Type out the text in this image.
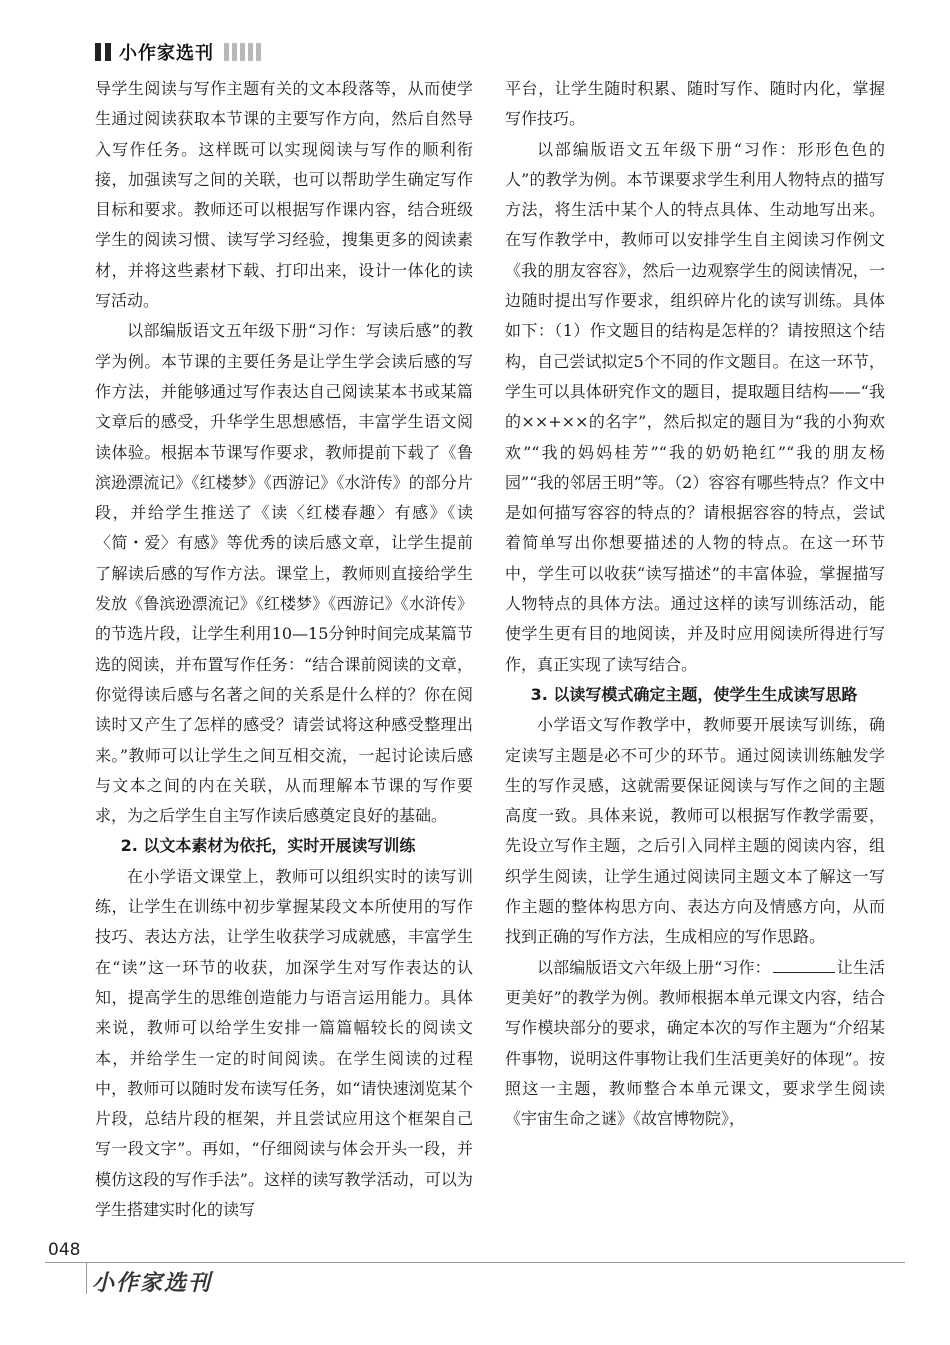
小作家选刊

导学生阅读与写作主题有关的文本段落等，从而使学生通过阅读获取本节课的主要写作方向，然后自然导入写作任务。这样既可以实现阅读与写作的顺利衔接，加强读写之间的关联，也可以帮助学生确定写作目标和要求。教师还可以根据写作课内容，结合班级学生的阅读习惯、读写学习经验，搜集更多的阅读素材，并将这些素材下载、打印出来，设计一体化的读写活动。

以部编版语文五年级下册“习作：写读后感”的教学为例。本节课的主要任务是让学生学会读后感的写作方法，并能够通过写作表达自己阅读某本书或某篇文章后的感受，升华学生思想感悟，丰富学生语文阅读体验。根据本节课写作要求，教师提前下载了《鲁滨逊漂流记》《红楼梦》《西游记》《水浒传》的部分片段，并给学生推送了《读〈红楼春趣〉有感》《读〈简・爱〉有感》等优秀的读后感文章，让学生提前了解读后感的写作方法。课堂上，教师则直接给学生发放《鲁滨逊漂流记》《红楼梦》《西游记》《水浒传》的节选片段，让学生利用10—15分钟时间完成某篇节选的阅读，并布置写作任务：“结合课前阅读的文章，你觉得读后感与名著之间的关系是什么样的？你在阅读时又产生了怎样的感受？请尝试将这种感受整理出来。”教师可以让学生之间互相交流，一起讨论读后感与文本之间的内在关联，从而理解本节课的写作要求，为之后学生自主写作读后感奠定良好的基础。

2. 以文本素材为依托，实时开展读写训练

在小学语文课堂上，教师可以组织实时的读写训练，让学生在训练中初步掌握某段文本所使用的写作技巧、表达方法，让学生收获学习成就感，丰富学生在“读”这一环节的收获，加深学生对写作表达的认知，提高学生的思维创造能力与语言运用能力。具体来说，教师可以给学生安排一篇篇幅较长的阅读文本，并给学生一定的时间阅读。在学生阅读的过程中，教师可以随时发布读写任务，如“请快速浏览某个片段，总结片段的框架，并且尝试应用这个框架自己写一段文字”。再如，“仔细阅读与体会开头一段，并模仿这段的写作手法”。这样的读写教学活动，可以为学生搭建实时化的读写

平台，让学生随时积累、随时写作、随时内化，掌握写作技巧。

以部编版语文五年级下册“习作：形形色色的人”的教学为例。本节课要求学生利用人物特点的描写方法，将生活中某个人的特点具体、生动地写出来。在写作教学中，教师可以安排学生自主阅读习作例文《我的朋友容容》，然后一边观察学生的阅读情况，一边随时提出写作要求，组织碎片化的读写训练。具体如下：（1）作文题目的结构是怎样的？请按照这个结构，自己尝试拟定5个不同的作文题目。在这一环节，学生可以具体研究作文的题目，提取题目结构——“我的××+××的名字”，然后拟定的题目为“我的小狗欢欢”“我的妈妈桂芳”“我的奶奶艳红”“我的朋友杨园”“我的邻居王明”等。（2）容容有哪些特点？作文中是如何描写容容的特点的？请根据容容的特点，尝试着简单写出你想要描述的人物的特点。在这一环节中，学生可以收获“读写描述”的丰富体验，掌握描写人物特点的具体方法。通过这样的读写训练活动，能使学生更有目的地阅读，并及时应用阅读所得进行写作，真正实现了读写结合。

3. 以读写模式确定主题，使学生生成读写思路

小学语文写作教学中，教师要开展读写训练，确定读写主题是必不可少的环节。通过阅读训练触发学生的写作灵感，这就需要保证阅读与写作之间的主题高度一致。具体来说，教师可以根据写作教学需要，先设立写作主题，之后引入同样主题的阅读内容，组织学生阅读，让学生通过阅读同主题文本了解这一写作主题的整体构思方向、表达方向及情感方向，从而找到正确的写作方法，生成相应的写作思路。

以部编版语文六年级上册“习作：	让生活更美好”的教学为例。教师根据本单元课文内容，结合写作模块部分的要求，确定本次的写作主题为“介绍某件事物，说明这件事物让我们生活更美好的体现”。按照这一主题，教师整合本单元课文，要求学生阅读《宇宙生命之谜》《故宫博物院》，

048
小作家选刊
